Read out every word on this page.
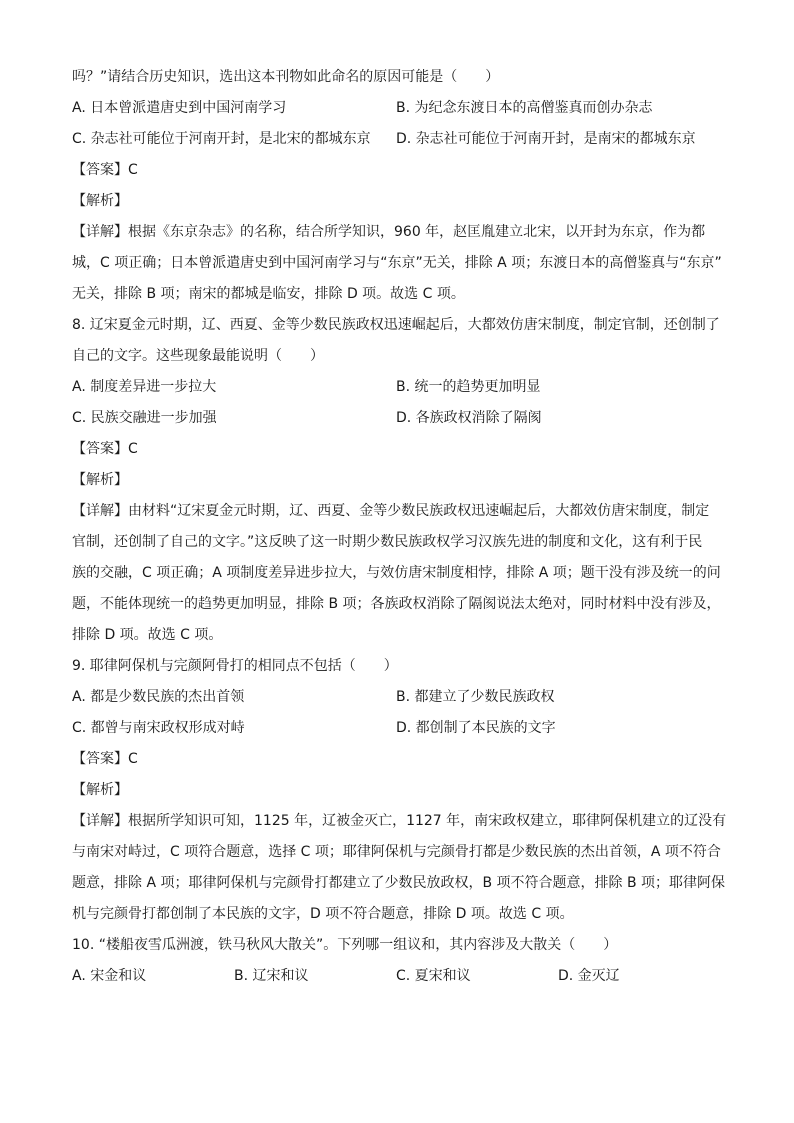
吗？”请结合历史知识，选出这本刊物如此命名的原因可能是（　　）
A. 日本曾派遣唐史到中国河南学习	B. 为纪念东渡日本的高僧鉴真而创办杂志
C. 杂志社可能位于河南开封，是北宋的都城东京	D. 杂志社可能位于河南开封，是南宋的都城东京
【答案】C
【解析】
【详解】根据《东京杂志》的名称，结合所学知识，960 年，赵匡胤建立北宋，以开封为东京，作为都
城，C 项正确；日本曾派遣唐史到中国河南学习与“东京”无关，排除 A 项；东渡日本的高僧鉴真与“东京”
无关，排除 B 项；南宋的都城是临安，排除 D 项。故选 C 项。
8. 辽宋夏金元时期，辽、西夏、金等少数民族政权迅速崛起后，大都效仿唐宋制度，制定官制，还创制了
自己的文字。这些现象最能说明（　　）
A. 制度差异进一步拉大	B. 统一的趋势更加明显
C. 民族交融进一步加强	D. 各族政权消除了隔阂
【答案】C
【解析】
【详解】由材料“辽宋夏金元时期，辽、西夏、金等少数民族政权迅速崛起后，大都效仿唐宋制度，制定
官制，还创制了自己的文字。”这反映了这一时期少数民族政权学习汉族先进的制度和文化，这有利于民
族的交融，C 项正确；A 项制度差异进步拉大，与效仿唐宋制度相悖，排除 A 项；题干没有涉及统一的问
题，不能体现统一的趋势更加明显，排除 B 项；各族政权消除了隔阂说法太绝对，同时材料中没有涉及，
排除 D 项。故选 C 项。
9. 耶律阿保机与完颜阿骨打的相同点不包括（　　）
A. 都是少数民族的杰出首领	B. 都建立了少数民族政权
C. 都曾与南宋政权形成对峙	D. 都创制了本民族的文字
【答案】C
【解析】
【详解】根据所学知识可知，1125 年，辽被金灭亡，1127 年，南宋政权建立，耶律阿保机建立的辽没有
与南宋对峙过，C 项符合题意，选择 C 项；耶律阿保机与完颜骨打都是少数民族的杰出首领，A 项不符合
题意，排除 A 项；耶律阿保机与完颜骨打都建立了少数民放政权，B 项不符合题意，排除 B 项；耶律阿保
机与完颜骨打都创制了本民族的文字，D 项不符合题意，排除 D 项。故选 C 项。
10. “楼船夜雪瓜洲渡，铁马秋风大散关”。下列哪一组议和，其内容涉及大散关（　　）
A. 宋金和议	B. 辽宋和议	C. 夏宋和议	D. 金灭辽
